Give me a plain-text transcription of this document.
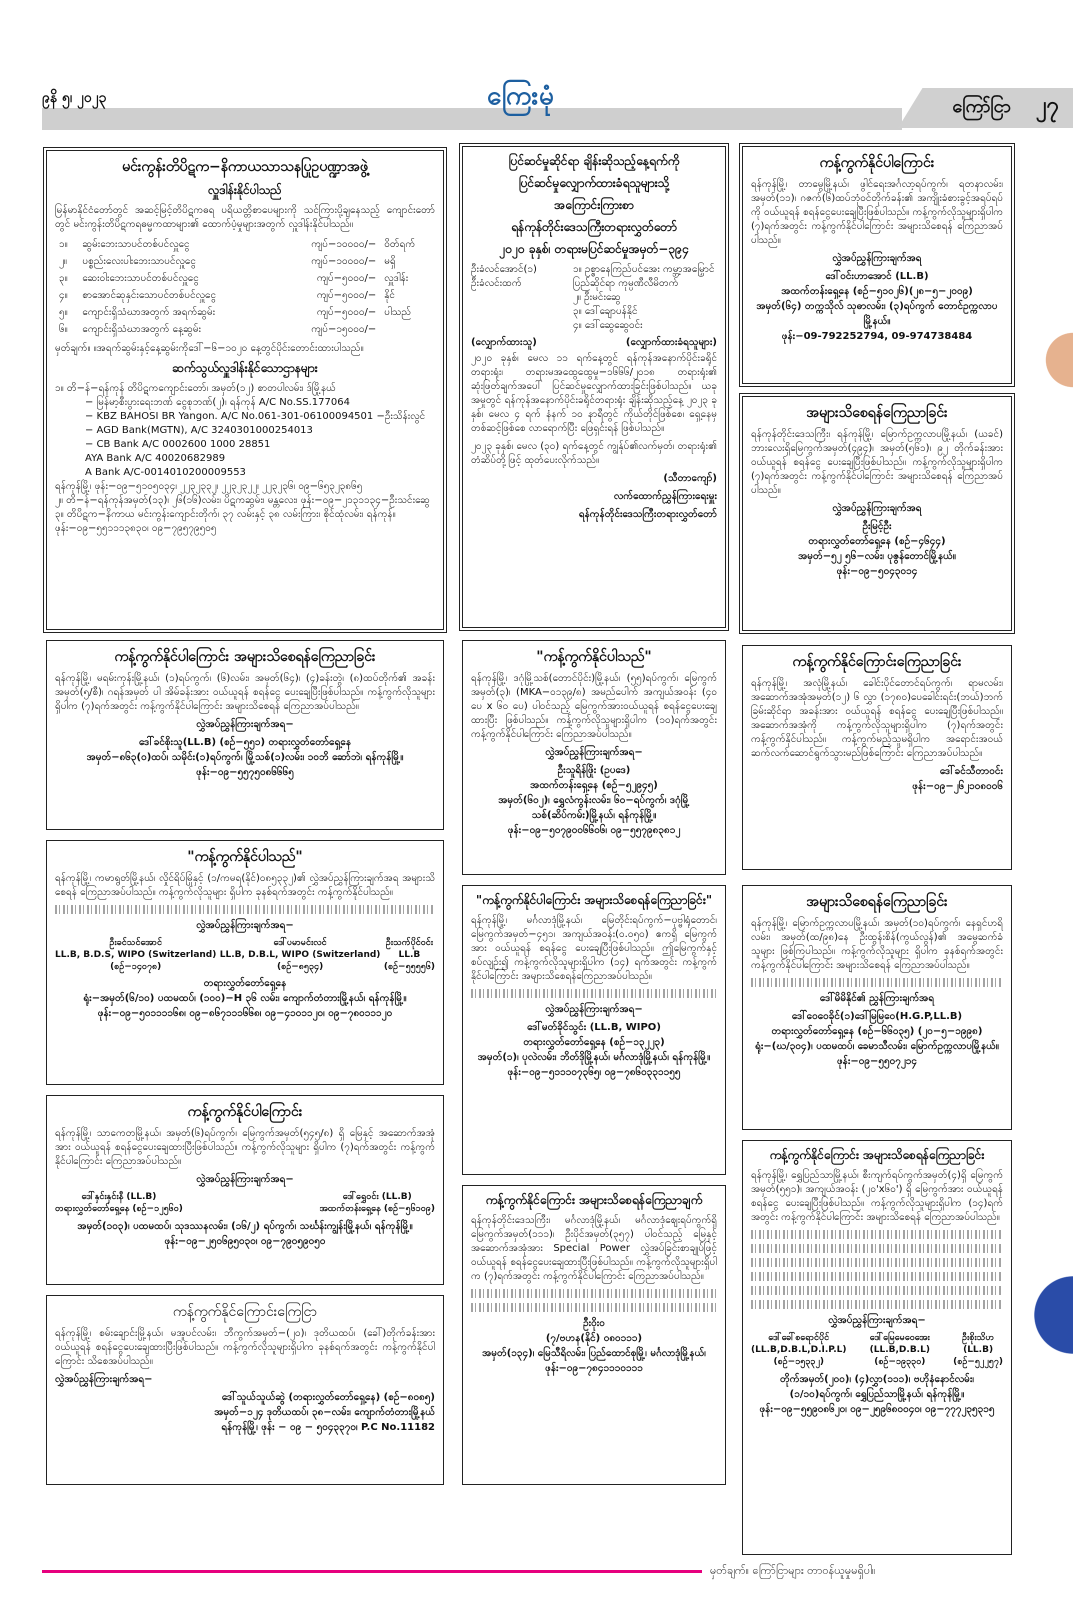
၉နိ ၅၊ ၂၀၂၃	ကြေးမုံ	ကြော်ငြာ ၂၇
မင်းကွန်းတိပိဋက−နိကာယသာသနပြုဥပဏ္ဍာအဖွဲ့
လှူဒါန်းနိုင်ပါသည်
မြန်မာနိုင်ငံတော်တွင် အဆင့်မြင့်တိပိဋကဓရ ပရိယတ္တိစာပေများကို သင်ကြားပို့ချနေသည့် ကျောင်းတော်တွင် မင်းကွန်းတိပိဋကရဓမ္မကထာများ၏ ထောက်ပံ့မှုများအတွက် လှူဒါန်းနိုင်ပါသည်။
၁။	ဆွမ်းဘေးသာပင်တစ်ပင်လှူငွေ	ကျပ်−၁၀၀၀၀/−	ဝိတ်ရက်
၂။	ပစ္စည်းလေးပါးဘေးသာပင်လှူငွေ	ကျပ်−၁၀၀၀၀/−	မရှိ
၃။	ဆေးဝါးဘေးသာပင်တစ်ပင်လှူငွေ	ကျပ်−၅၀၀၀/−	လှူဒါန်း
၄။	စာအောင်ဆုနှင်းသောပင်တစ်ပင်လှူငွေ	ကျပ်−၅၀၀၀/−	နိုင်
၅။	ကျောင်းရှိသံဃာအတွက် အရက်ဆွမ်း	ကျပ်−၅၀၀၀/−	ပါသည်
၆။	ကျောင်းရှိသံဃာအတွက် နေ့ဆွမ်း	ကျပ်−၁၅၀၀၀/−	
မှတ်ချက်။ ။အရက်ဆွမ်းနှင့်နေ့ဆွမ်းကိုဒေါ်−၆−၁၀၂၀ နေ့တွင်ပိုင်းတောင်းထားပါသည်။
ဆက်သွယ်လှူဒါန်းနိုင်သောဌာနများ
၁။ တိ−န်−ရန်ကုန် တိပိဋကကျောင်းတော်၊ အမှတ်(၁၂) စာတပါလမ်း၊ ဒ်မြို့နယ်
− မြန်မာ့စီးပွားရေးဘဏ် ငွေစုဘဏ်(၂)၊ ရန်ကုန် A/C No.SS.177064
− KBZ BAHOSI BR Yangon. A/C No.061-301-06100094501 −ဦးသိန်းလွင်
− AGD Bank(MGTN), A/C 3240301000254013
− CB Bank A/C 0002600 1000 28851
AYA Bank A/C 40020682989
A Bank A/C-0014010200009553
ရန်ကုန်မြို့၊ ဖုန်း−၀၉−၅၁၀၅၀၃၄၊ ၂၂၃၂၃၃၂၊ ၂၂၃၂၃၂၂၊ ၂၂၃၂၃၆၊ ၀၉−၆၅၃၂၃၈၆၅
၂။ တိ−န်−ရန်ကုန်အမှတ်(၁၃)၊ ၂၆(၁၆)လမ်း၊ ပိဋကဆွမ်း၊ မန္တလေး၊ ဖုန်း−၀၉−၂၁၃၁၁၃၄−ဦးသင်းဆွေ
၃။ တိပိဋက−နိကာယ မင်းကွန်းကျောင်းတိုက်၊ ၃၇ လမ်းနှင့် ၃၈ လမ်းကြား၊ စိုင်ထုံလမ်း၊ ရန်ကုန်။
ဖုန်း−၀၉−၅၅၁၁၁၃၈၃၀၊ ၀၉−၇၉၅၇၉၅၀၅
ကန့်ကွက်နိုင်ပါကြောင်း အများသိစေရန်ကြေညာခြင်း
ရန်ကုန်မြို့၊ မရမ်းကုန်းမြို့နယ်၊ (၁)ရပ်ကွက်၊ (၆)လမ်း၊ အမှတ်(၆၄)၊ (၄)ခန်းတွဲ၊ (၈)ထပ်တိုက်၏ အခန်းအမှတ်(၅/စီ)၊ ဂရန်အမှတ် ပါ အိမ်ခန်းအား ဝယ်ယူရန် စရန်ငွေ ပေးချေပြီးဖြစ်ပါသည်။ ကန့်ကွက်လိုသူများ ရှိပါက (၇)ရက်အတွင်း ကန့်ကွက်နိုင်ပါကြောင်း အများသိစေရန် ကြေညာအပ်ပါသည်။
လွှဲအပ်ညွှန်ကြားချက်အရ−
ဒေါ်ခင်စိုးသူ(LL.B) (စဉ်−၅၅၁) တရားလွှတ်တော်ရှေ့နေ
အမှတ်−၈၆၃(ဝ)ထပ်၊ သမိုင်း(၁)ရပ်ကွက်၊ မြို့သစ်(၁)လမ်း၊ ၁၀ဘိ ဆော်ဘဲ၊ ရန်ကုန်မြို့။
ဖုန်း−၀၉−၅၅၇၅၀၈၆၆၆၅
"ကန့်ကွက်နိုင်ပါသည်"
ရန်ကုန်မြို့၊ ကမာရွတ်မြို့နယ်၊ လှိုင်ရိပ်မြုံနှင့် (၁/ကမရ(နိုင်)၀၈၅၃၃၂)၏ လွှဲအပ်ညွှန်ကြားချက်အရ အများသိစေရန် ကြေညာအပ်ပါသည်။ ကန့်ကွက်လိုသူများ ရှိပါက ခုနစ်ရက်အတွင်း ကန့်ကွက်နိုင်ပါသည်။
လွှဲအပ်ညွှန်ကြားချက်အရ−
ဦးခင်သင်အောင်
LL.B, B.D.S, WIPO (Switzerland)
(စဉ်−၁၄၀၇၈)
ဒေါ်ပမာမင်းလင်
LL.B, D.B.L, WIPO (Switzerland)
(စဉ်−၈၅၃၄)
ဦးသက်ပိုင်ဝင်း
LL.B
(စဉ်−၅၅၅၅၆)
တရားလွှတ်တော်ရှေ့နေ
ရုံး−အမှတ်(၆/၁၀) ပထမထပ်၊ (၁၀၀)−H ၃၆ လမ်း၊ ကျောက်တံတားမြို့နယ်၊ ရန်ကုန်မြို့။
ဖုန်း−၀၉−၅၀၁၁၁၁၆၈၊ ၀၉−၈၆၇၁၁၁၆၆၈၊ ၀၉−၄၁၀၁၁၂၀၊ ၀၉−၇၈၀၁၁၁၂၀
ကန့်ကွက်နိုင်ပါကြောင်း
ရန်ကုန်မြို့၊ သာကေတမြို့နယ်၊ အမှတ်(၆)ရပ်ကွက်၊ မြေကွက်အမှတ်(၅၄၅/၈) ရှိ မြေနှင့် အဆောက်အအုံအား ဝယ်ယူရန် စရန်ငွေပေးချေထားပြီးဖြစ်ပါသည်။ ကန့်ကွက်လိုသူများ ရှိပါက (၇)ရက်အတွင်း ကန့်ကွက်နိုင်ပါကြောင်း ကြေညာအပ်ပါသည်။
လွှဲအပ်ညွှန်ကြားချက်အရ−
ဒေါ်နှင်းနှင်းနီ (LL.B)
တရားလွှတ်တော်ရှေ့နေ (စဉ်−၁၂၅၆၀)
ဒေါ်ရွှေဝင်း (LL.B)
အထက်တန်းရှေ့နေ (စဉ်−၅၆၁၀၉)
အမှတ်(၁၀၃)၊ ပထမထပ်၊ သုဒဿနလမ်း၊ (၁၆/၂) ရပ်ကွက်၊ သင်္ဃန်းကျွန်းမြို့နယ်၊ ရန်ကုန်မြို့။
ဖုန်း−၀၉−၂၅၀၆၉၅၀၃၀၊ ၀၉−၇၉၀၅၉၀၅၀
ကန့်ကွက်နိုင်ကြောင်းကြေငြာ
ရန်ကုန်မြို့၊ စမ်းချောင်းမြို့နယ်၊ မအူပင်လမ်း၊ ဘီကွက်အမှတ်−(၂၀)၊ ဒုတိယထပ်၊ (ခေါ်)တိုက်ခန်းအား ဝယ်ယူရန် စရန်ငွေပေးချေထားပြီးဖြစ်ပါသည်။ ကန့်ကွက်လိုသူများရှိပါက ခုနစ်ရက်အတွင်း ကန့်ကွက်နိုင်ပါကြောင်း သိစေအပ်ပါသည်။
လွှဲအပ်ညွှန်ကြားချက်အရ−
ဒေါ်သူယ်သူယ်ဆွဲ (တရားလွှတ်တော်ရှေ့နေ) (စဉ်−၈၀၈၅)
အမှတ်−၁၂၄ ဒုတိယထပ်၊ ၃၈−လမ်း၊ ကျောက်တံတားမြို့နယ်
ရန်ကုန်မြို့၊ ဖုန်း − ၀၉ − ၅၀၄၃၃၇၀၊ P.C No.11182
ပြင်ဆင်မှုဆိုင်ရာ ချိန်းဆိုသည့်နေ့ရက်ကို
ပြင်ဆင်မှုလျှောက်ထားခံရသူများသို့
အကြောင်းကြားစာ
ရန်ကုန်တိုင်းဒေသကြီးတရားလွှတ်တော်
၂၀၂၀ ခုနှစ်၊ တရားမပြင်ဆင်မှုအမှတ်−၃၉၄
ဦးခံလင်အောင်(၁)
ဦးခံလင်းထက်
၁။ ဥစ္စာနေကြည်ပင်အေး ကမ္ဘာ့အမြှောင်ပြည်ဆိုင်ရာ ကုမ္ပဏီလီမိတက်
၂။ ဦးမင်းဆွေ
၃။ ဒေါ်ချောပန်နိုင်
၄။ ဒေါ်ဆွေဆွေဝင်း
(လျှောက်ထားသူ)	(လျှောက်ထားခံရသူများ)
၂၀၂၀ ခုနှစ်၊ မေလ ၁၁ ရက်နေ့တွင် ရန်ကုန်အနောက်ပိုင်းခရိုင်တရားရုံး၊ တရားမအထွေထွေမှု−၁၆၆၆/၂၀၁၈ တရားရုံး၏ ဆုံးဖြတ်ချက်အပေါ် ပြင်ဆင်မှုလျှောက်ထားခြင်းဖြစ်ပါသည်။ ယခုအမှုတွင် ရန်ကုန်အနောက်ပိုင်းခရိုင်တရားရုံး ချိန်းဆိုသည့်နေ့ ၂၀၂၃ ခုနှစ်၊ မေလ ၄ ရက် နံနက် ၁၀ နာရီတွင် ကိုယ်တိုင်ဖြစ်စေ၊ ရှေ့နေမှတစ်ဆင့်ဖြစ်စေ လာရောက်ပြီး ဖြေရှင်းရန် ဖြစ်ပါသည်။
၂၀၂၃ ခုနှစ်၊ မေလ (၃၀) ရက်နေ့တွင် ကျွန်ုပ်၏လက်မှတ်၊ တရားရုံး၏ တံဆိပ်တို့ဖြင့် ထုတ်ပေးလိုက်သည်။
(သီတာကျော်)
လက်ထောက်ညွှန်ကြားရေးမှူး
ရန်ကုန်တိုင်းဒေသကြီးတရားလွှတ်တော်
"ကန့်ကွက်နိုင်ပါသည်"
ရန်ကုန်မြို့၊ ဒဂုံမြို့သစ်(တောင်ပိုင်း)မြို့နယ်၊ (၅၅)ရပ်ကွက်၊ မြေကွက်အမှတ်(၃)၊ (MKA−၀၁၃၉/၈) အမည်ပေါက် အကျယ်အဝန်း (၄၀ ပေ x ၆၀ ပေ) ပါဝင်သည့် မြေကွက်အားဝယ်ယူရန် စရန်ငွေပေးချေထားပြီး ဖြစ်ပါသည်။ ကန့်ကွက်လိုသူများရှိပါက (၁၀)ရက်အတွင်း ကန့်ကွက်နိုင်ပါကြောင်း ကြေညာအပ်ပါသည်။
လွှဲအပ်ညွှန်ကြားချက်အရ−
ဦးသူရိန်ဖြိုး (ဥပဒေ)
အထက်တန်းရှေ့နေ (စဉ်−၅၂၉၄၅)
အမှတ်(၆၀၂)၊ ရွှေလံကွန်းလမ်း၊ ၆၀−ရပ်ကွက်၊ ဒဂုံမြို့သစ်(ဆိပ်ကမ်း)မြို့နယ်၊ ရန်ကုန်မြို့။
ဖုန်း−၀၉−၅၀၇၉၀၀၆၆၀၆၊ ၀၉−၅၅၇၉၈၃၈၁၂
"ကန့်ကွက်နိုင်ပါကြောင်း အများသိစေရန်ကြေညာခြင်း"
ရန်ကုန်မြို့၊ မင်္ဂလာဒုံမြို့နယ်၊ မြေတိုင်းရပ်ကွက်−ပုဗ္ဗါရုံတောင်၊ မြေကွက်အမှတ်−၄၅၁၊ အကျယ်အဝန်း(၀.၀၅၀) ဧကရှိ မြေကွက်အား ဝယ်ယူရန် စရန်ငွေ ပေးချေပြီးဖြစ်ပါသည်။ ဤမြေကွက်နှင့်စပ်လျဉ်း၍ ကန့်ကွက်လိုသူများရှိပါက (၁၄) ရက်အတွင်း ကန့်ကွက်နိုင်ပါကြောင်း အများသိစေရန်ကြေညာအပ်ပါသည်။
လွှဲအပ်ညွှန်ကြားချက်အရ−
ဒေါ်မတ်ခိုင်သွင်း (LL.B, WIPO)
တရားလွှတ်တော်ရှေ့နေ (စဉ်−၁၃၂၂၃)
အမှတ်(၁)၊ ပုလဲလမ်း၊ ဘိတ်ဒိုမြို့နယ်၊ မင်္ဂလာဒုံမြို့နယ်၊ ရန်ကုန်မြို့။
ဖုန်း−၀၉−၅၁၁၁၀၇၃၆၅၊ ၀၉−၇၈၆၀၃၃၁၁၅၅
ကန့်ကွက်နိုင်ကြောင်း အများသိစေရန်ကြေညာချက်
ရန်ကုန်တိုင်းဒေသကြီး၊ မင်္ဂလာဒုံမြို့နယ်၊ မင်္ဂလာဒုံဈေးရပ်ကွက်ရှိ မြေကွက်အမှတ်(၁၁၁)၊ ဦးပိုင်အမှတ်(၃၅၇) ပါဝင်သည့် မြေနှင့် အဆောက်အအုံအား Special Power လွှဲအပ်ခြင်းစာချုပ်ဖြင့် ဝယ်ယူရန် စရန်ငွေပေးချေထားပြီးဖြစ်ပါသည်။ ကန့်ကွက်လိုသူများရှိပါက (၇)ရက်အတွင်း ကန့်ကွက်နိုင်ပါကြောင်း ကြေညာအပ်ပါသည်။
ဦးဝိုးဝ
(၇/ဗဟန(နိုင်) ၀၈၀၁၁၁)
အမှတ်(၁၃၄)၊ မြေသီရိလမ်း၊ ပြည်ထောင်စုမြို့၊ မင်္ဂလာဒုံမြို့နယ်၊
ဖုန်း−၀၉−၇၈၄၁၁၁၀၁၁၁
ကန့်ကွက်နိုင်ပါကြောင်း
ရန်ကုန်မြို့၊ တာမွေမြို့နယ်၊ ဖွါင်ရေးအင်္ဂလာ့ရပ်ကွက်၊ ရတနာလမ်း၊ အမှတ်(၁၁)၊ ဂဇက်(၆)ထပ်ဘုံဝင်တိုက်ခန်း၏ အကျိုးခံစားခွင့်အရပ်ရပ်ကို ဝယ်ယူရန် စရန်ငွေပေးချေပြီးဖြစ်ပါသည်။ ကန့်ကွက်လိုသူများရှိပါက (၇)ရက်အတွင်း ကန့်ကွက်နိုင်ပါကြောင်း အများသိစေရန် ကြေညာအပ်ပါသည်။
လွှဲအပ်ညွှန်ကြားချက်အရ
ဒေါ်ဝင်းဟာအောင် (LL.B)
အထက်တန်းရှေ့နေ (စဉ်−၅၁၀၂၆)(၂၈−၅−၂၀၀၉)
အမှတ်(၆၄) တက္ကသိုလ် သုဓာလမ်း၊ (၃)ရပ်ကွက် တောင်ဥက္ကလာပမြို့နယ်။
ဖုန်း−09-792252794, 09-974738484
အများသိစေရန်ကြေညာခြင်း
ရန်ကုန်တိုင်းဒေသကြီး၊ ရန်ကုန်မြို့၊ မြောက်ဥက္ကလာပမြို့နယ်၊ (ယခင်) ဘားလေးရှိမြေကွက်အမှတ်(၄၉၄)၊ အမှတ်(၅၆၁)၊ ၉၂ တိုက်ခန်းအား ဝယ်ယူရန် စရန်ငွေ ပေးချေပြီးဖြစ်ပါသည်။ ကန့်ကွက်လိုသူများရှိပါက (၇)ရက်အတွင်း ကန့်ကွက်နိုင်ပါကြောင်း အများသိစေရန် ကြေညာအပ်ပါသည်။
လွှဲအပ်ညွှန်ကြားချက်အရ
ဦးမြင့်ဦး
တရားလွှတ်တော်ရှေ့နေ (စဉ်−၄၆၄၄)
အမှတ်−၅၂ ၅၆−လမ်း၊ ပုဇွန်တောင်မြို့နယ်။
ဖုန်း−၀၉−၅၀၄၃၀၁၄
ကန့်ကွက်နိုင်ကြောင်းကြေညာခြင်း
ရန်ကုန်မြို့၊ အလုံမြို့နယ်၊ ခေါင်းပိုင်တောင်ရပ်ကွက်၊ ရာမလမ်း၊ အဆောက်အအုံအမှတ်(၁၂) ၆ လွှာ (၁၇၈၀)ပေခေါင်းရင်း(ဘယ်)ဘက်ခြမ်းဆိုင်ရာ အခန်းအား ဝယ်ယူရန် စရန်ငွေ ပေးချေပြီးဖြစ်ပါသည်။ အဆောက်အအုံကို ကန့်ကွက်လိုသူများရှိပါက (၇)ရက်အတွင်း ကန့်ကွက်နိုင်ပါသည်။ ကန့်ကွက်မည့်သူမရှိပါက အရောင်းအဝယ် ဆက်လက်ဆောင်ရွက်သွားမည်ဖြစ်ကြောင်း ကြေညာအပ်ပါသည်။
ဒေါ်ခင်သီတာဝင်း
ဖုန်း−၀၉−၂၆၂၁၀၈၀၀၆
အများသိစေရန်ကြေညာခြင်း
ရန်ကုန်မြို့၊ မြောက်ဥက္ကလာပမြို့နယ်၊ အမှတ်(၁၀)ရပ်ကွက်၊ နေရှင်ဟရိလမ်း၊ အမှတ်(ထ/၉၈)နေ ဦးထွန်းစိန်(ကွယ်လွန်)၏ အမွေဆက်ခံသူများ ဖြစ်ကြပါသည်။ ကန့်ကွက်လိုသူများ ရှိပါက ခုနစ်ရက်အတွင်း ကန့်ကွက်နိုင်ပါကြောင်း အများသိစေရန် ကြေညာအပ်ပါသည်။
ဒေါ်မိမိနိုင်၏ ညွှန်ကြားချက်အရ
ဒေါ်ဝေဝေခိုင်(၁)ဒေါ်မြမြဝေ(H.G.P,LL.B)
တရားလွှတ်တော်ရှေ့နေ (စဉ်−၆၆၀၃၅) (၂၀−၅−၁၉၉၈)
ရုံး−(ဃ/၃၀၄)၊ ပထမထပ်၊ ခေမာသီလမ်း၊ မြောက်ဥက္ကလာပမြို့နယ်။
ဖုန်း−၀၉−၅၅၀၇၂၁၄
ကန့်ကွက်နိုင်ကြောင်း အများသိစေရန်ကြေညာခြင်း
ရန်ကုန်မြို့၊ ရွှေပြည်သာမြို့နယ်၊ စီးကျက်ရပ်ကွက်အမှတ်(၄)ရှိ မြေကွက်အမှတ်(၅၅၁)၊ အကျယ်အဝန်း (၂၀'x၆၀') ရှိ မြေကွက်အား ဝယ်ယူရန် စရန်ငွေ ပေးချေပြီးဖြစ်ပါသည်။ ကန့်ကွက်လိုသူများရှိပါက (၁၄)ရက်အတွင်း ကန့်ကွက်နိုင်ပါကြောင်း အများသိစေရန် ကြေညာအပ်ပါသည်။
လွှဲအပ်ညွှန်ကြားချက်အရ−
ဒေါ်ခေါ်စရောင်ပိုင်
(LL.B,D.B.L,D.I.P.L)
(စဉ်−၁၅၃၃၂)
ဒေါ်မြေမေဝေအေး
(LL.B,D.B.L)
(စဉ်−၁၉၃၃၀)
ဦးစိုးသိဟ
(LL.B)
(စဉ်−၅၂၂၅၇)
တိုက်အမှတ်(၂၀၀)၊ (၄)လွှာ(၁၁၁)၊ ဗဟိုနံနောင်လမ်း၊ (၁/၁၀)ရပ်ကွက်၊ ရွှေပြည်သာမြို့နယ်၊ ရန်ကုန်မြို့။
ဖုန်း−၀၉−၅၅၉၀၈၆၂၀၊ ၀၉−၂၅၉၆၈၀၀၄၀၊ ၀၉−၇၇၇၂၃၅၃၁၅
မှတ်ချက်။ ကြော်ငြာများ တာဝန်ယူမှုမရှိပါ။
